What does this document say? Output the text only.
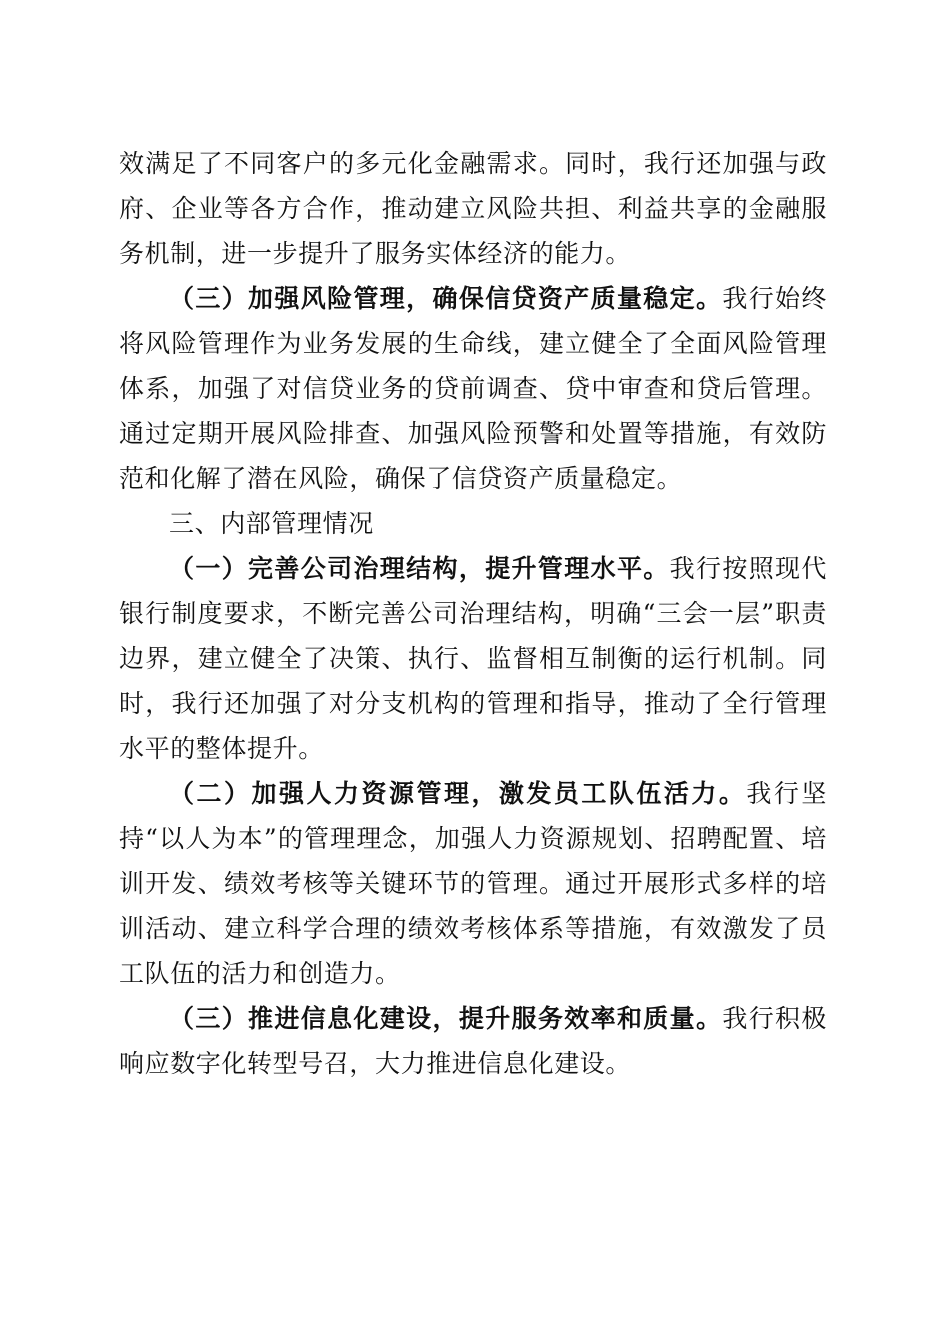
效满足了不同客户的多元化金融需求。同时，我行还加强与政府、企业等各方合作，推动建立风险共担、利益共享的金融服务机制，进一步提升了服务实体经济的能力。

（三）加强风险管理，确保信贷资产质量稳定。我行始终将风险管理作为业务发展的生命线，建立健全了全面风险管理体系，加强了对信贷业务的贷前调查、贷中审查和贷后管理。通过定期开展风险排查、加强风险预警和处置等措施，有效防范和化解了潜在风险，确保了信贷资产质量稳定。

三、内部管理情况

（一）完善公司治理结构，提升管理水平。我行按照现代银行制度要求，不断完善公司治理结构，明确“三会一层”职责边界，建立健全了决策、执行、监督相互制衡的运行机制。同时，我行还加强了对分支机构的管理和指导，推动了全行管理水平的整体提升。

（二）加强人力资源管理，激发员工队伍活力。我行坚持“以人为本”的管理理念，加强人力资源规划、招聘配置、培训开发、绩效考核等关键环节的管理。通过开展形式多样的培训活动、建立科学合理的绩效考核体系等措施，有效激发了员工队伍的活力和创造力。

（三）推进信息化建设，提升服务效率和质量。我行积极响应数字化转型号召，大力推进信息化建设。
